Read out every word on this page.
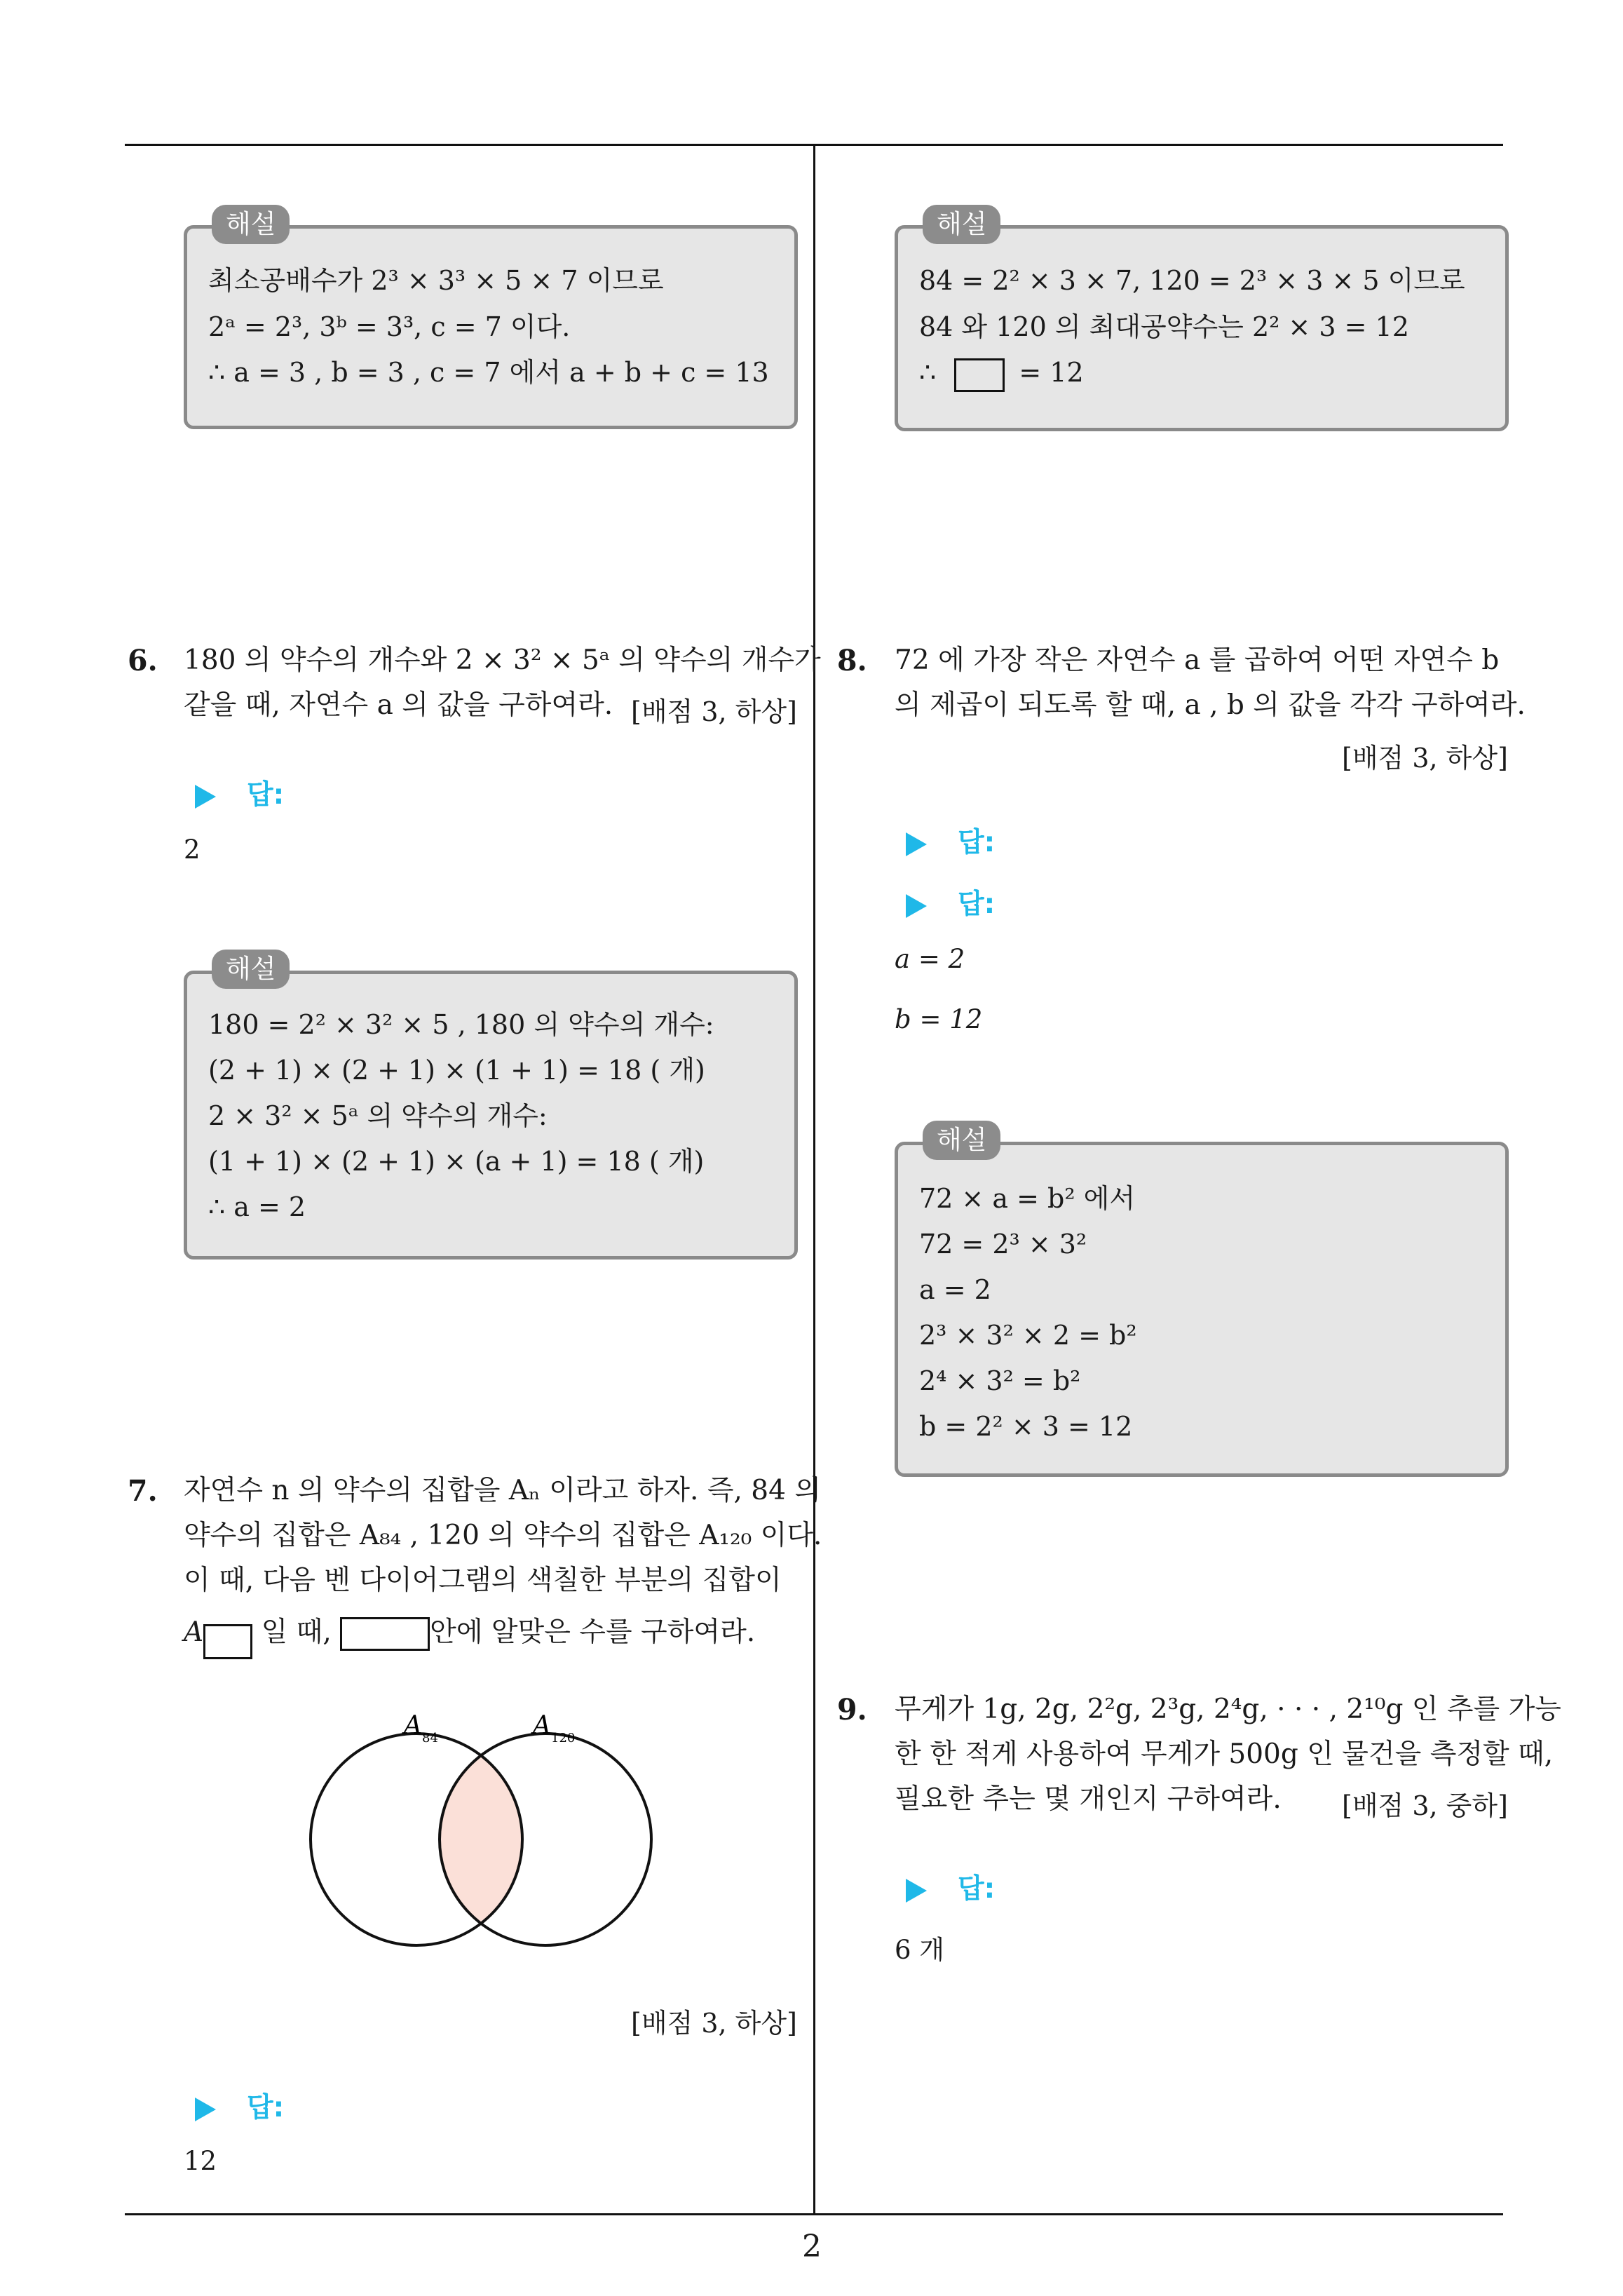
최소공배수가 2³ × 3³ × 5 × 7 이므로
2ᵃ = 2³, 3ᵇ = 3³, c = 7 이다.
∴ a = 3 , b = 3 , c = 7 에서 a + b + c = 13
해설
6. 180 의 약수의 개수와 2 × 3² × 5ᵃ 의 약수의 개수가
같을 때, 자연수 a 의 값을 구하여라. [배점 3, 하상]
답:
2
180 = 2² × 3² × 5 , 180 의 약수의 개수:
(2 + 1) × (2 + 1) × (1 + 1) = 18 ( 개)
2 × 3² × 5ᵃ 의 약수의 개수:
(1 + 1) × (2 + 1) × (a + 1) = 18 ( 개)
∴ a = 2
해설
7. 자연수 n 의 약수의 집합을 Aₙ 이라고 하자. 즉, 84 의
약수의 집합은 A₈₄ , 120 의 약수의 집합은 A₁₂₀ 이다.
이 때, 다음 벤 다이어그램의 색칠한 부분의 집합이
A 일 때,	안에 알맞은 수를 구하여라.
$A_{84}$	$A_{120}$
[배점 3, 하상]
답:
12
84 = 2² × 3 × 7, 120 = 2³ × 3 × 5 이므로
84 와 120 의 최대공약수는 2² × 3 = 12
∴	= 12
해설
8. 72 에 가장 작은 자연수 a 를 곱하여 어떤 자연수 b
의 제곱이 되도록 할 때, a , b 의 값을 각각 구하여라.
[배점 3, 하상]
답:
답:
a = 2
b = 12
72 × a = b² 에서
72 = 2³ × 3²
a = 2
2³ × 3² × 2 = b²
2⁴ × 3² = b²
b = 2² × 3 = 12
해설
9. 무게가 1g, 2g, 2²g, 2³g, 2⁴g, · · · , 2¹⁰g 인 추를 가능
한 한 적게 사용하여 무게가 500g 인 물건을 측정할 때,
필요한 추는 몇 개인지 구하여라. [배점 3, 중하]
답:
6 개
2
